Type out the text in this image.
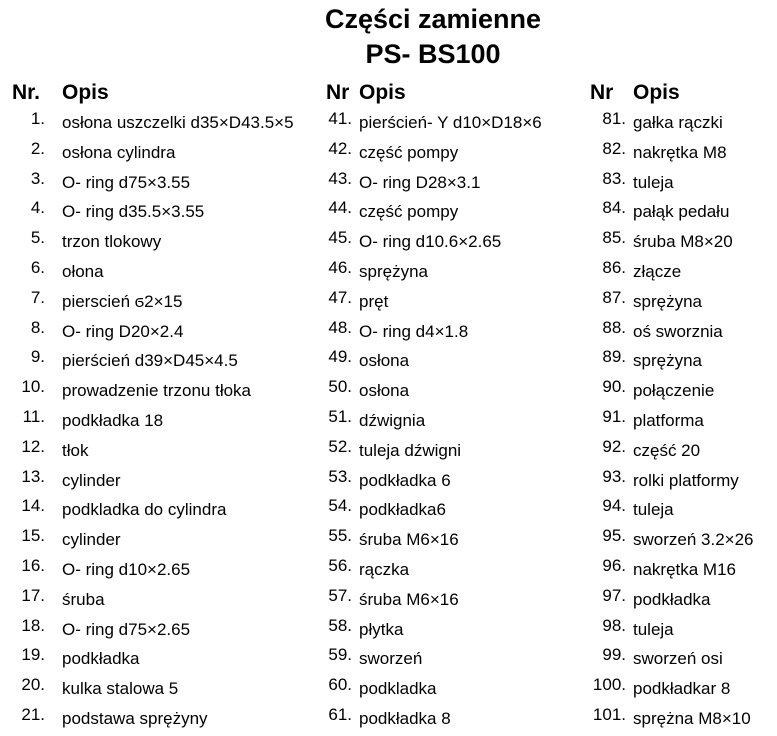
Części zamienne
PS- BS100
Nr. Opis
1. osłona uszczelki d35×D43.5×5
2. osłona cylindra
3. O- ring d75×3.55
4. O- ring d35.5×3.55
5. trzon tlokowy
6. ołona
7. pierscień ϭ2×15
8. O- ring D20×2.4
9. pierścień d39×D45×4.5
10. prowadzenie trzonu tłoka
11. podkładka 18
12. tłok
13. cylinder
14. podkladka do cylindra
15. cylinder
16. O- ring d10×2.65
17. śruba
18. O- ring d75×2.65
19. podkładka
20. kulka stalowa 5
21. podstawa sprężyny
Nr Opis
41. pierścień- Y d10×D18×6
42. część pompy
43. O- ring D28×3.1
44. część pompy
45. O- ring d10.6×2.65
46. sprężyna
47. pręt
48. O- ring d4×1.8
49. osłona
50. osłona
51. dźwignia
52. tuleja dźwigni
53. podkładka 6
54. podkładka6
55. śruba M6×16
56. rączka
57. śruba M6×16
58. płytka
59. sworzeń
60. podkladka
61. podkładka 8
Nr Opis
81. gałka rączki
82. nakrętka M8
83. tuleja
84. pałąk pedału
85. śruba M8×20
86. złącze
87. sprężyna
88. oś sworznia
89. sprężyna
90. połączenie
91. platforma
92. część 20
93. rolki platformy
94. tuleja
95. sworzeń 3.2×26
96. nakrętka M16
97. podkładka
98. tuleja
99. sworzeń osi
100. podkładkar 8
101. sprężna M8×10
